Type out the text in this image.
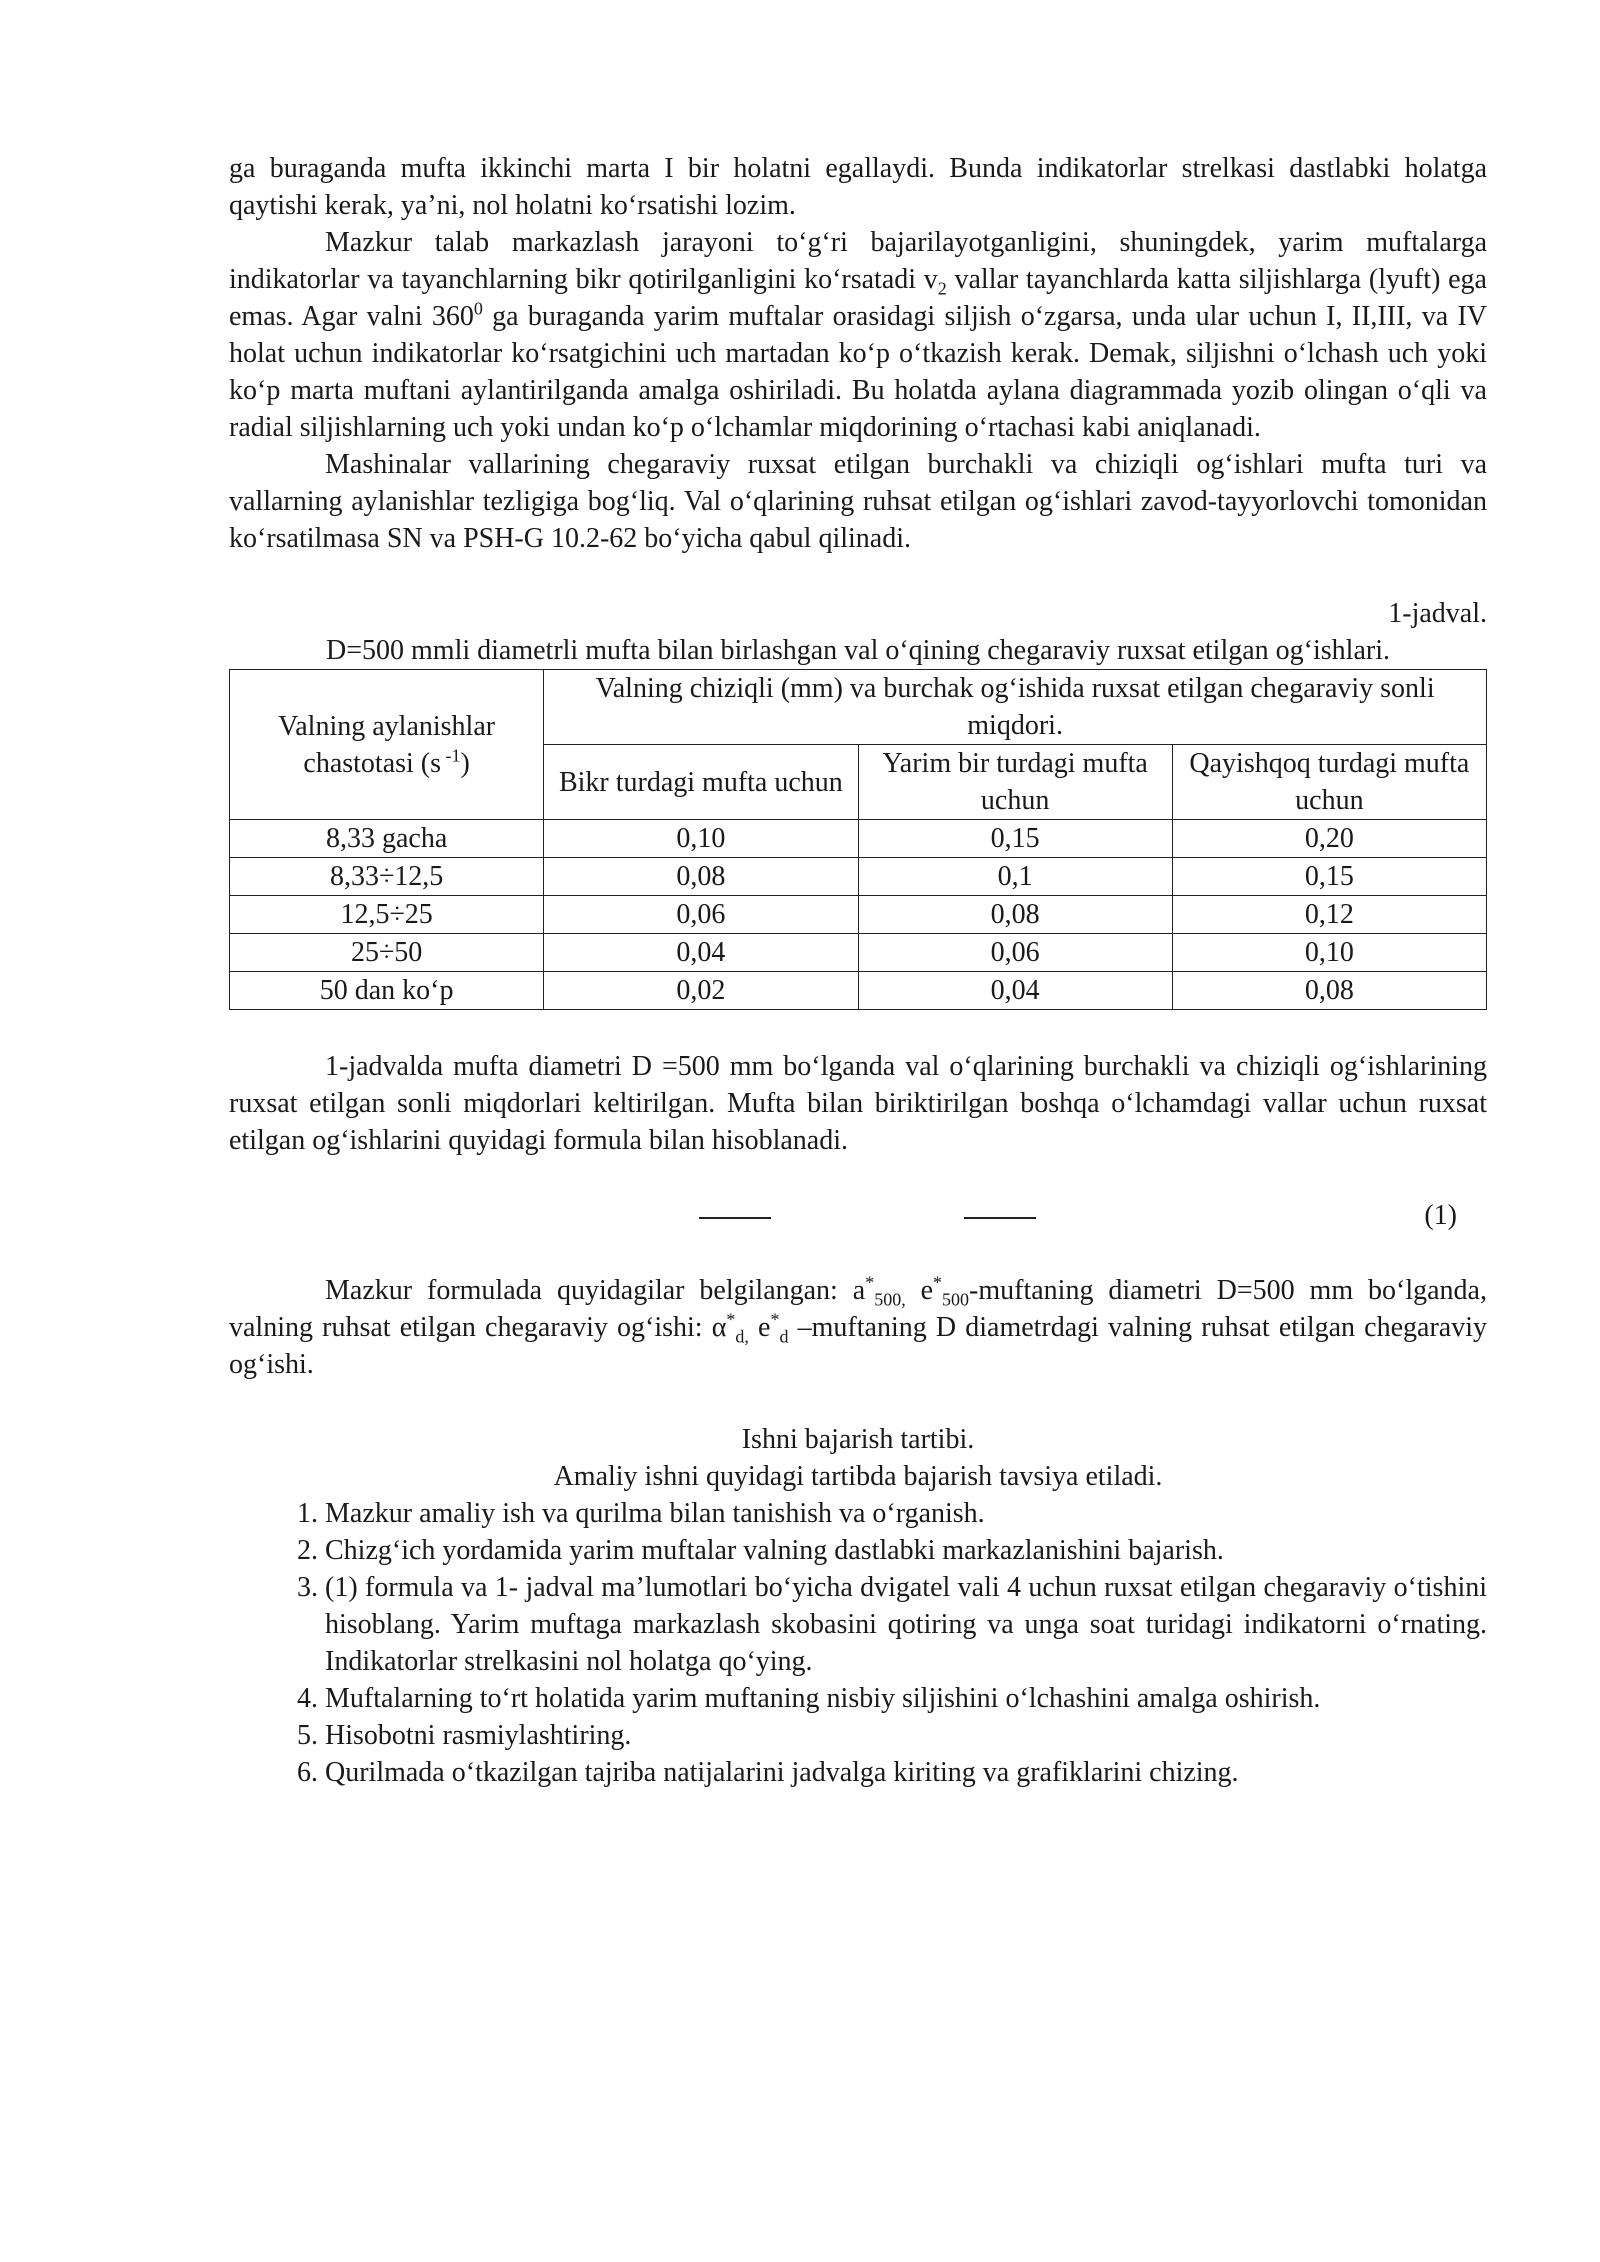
ga buraganda mufta ikkinchi marta I bir holatni egallaydi. Bunda indikatorlar strelkasi dastlabki holatga qaytishi kerak, ya’ni, nol holatni ko‘rsatishi lozim.

Mazkur talab markazlash jarayoni to‘g‘ri bajarilayotganligini, shuningdek, yarim muftalarga indikatorlar va tayanchlarning bikr qotirilganligini ko‘rsatadi $v_2$ vallar tayanchlarda katta siljishlarga (lyuft) ega emas. Agar valni $360^0$ ga buraganda yarim muftalar orasidagi siljish o‘zgarsa, unda ular uchun I, II,III, va IV holat uchun indikatorlar ko‘rsatgichini uch martadan ko‘p o‘tkazish kerak. Demak, siljishni o‘lchash uch yoki ko‘p marta muftani aylantirilganda amalga oshiriladi. Bu holatda aylana diagrammada yozib olingan o‘qli va radial siljishlarning uch yoki undan ko‘p o‘lchamlar miqdorining o‘rtachasi kabi aniqlanadi.

Mashinalar vallarining chegaraviy ruxsat etilgan burchakli va chiziqli og‘ishlari mufta turi va vallarning aylanishlar tezligiga bog‘liq. Val o‘qlarining ruhsat etilgan og‘ishlari zavod-tayyorlovchi tomonidan ko‘rsatilmasa SN va PSH-G 10.2-62 bo‘yicha qabul qilinadi.

1-jadval.

D=500 mmli diametrli mufta bilan birlashgan val o‘qining chegaraviy ruxsat etilgan og‘ishlari.

Valning aylanishlar chastotasi (s $^{-1}$)	Valning chiziqli (mm) va burchak og‘ishida ruxsat etilgan chegaraviy sonli miqdori.		
	Bikr turdagi mufta uchun	Yarim bir turdagi mufta uchun	Qayishqoq turdagi mufta uchun
8,33 gacha	0,10	0,15	0,20
8,33÷12,5	0,08	0,1	0,15
12,5÷25	0,06	0,08	0,12
25÷50	0,04	0,06	0,10
50 dan ko‘p	0,02	0,04	0,08

1-jadvalda mufta diametri D =500 mm bo‘lganda val o‘qlarining burchakli va chiziqli og‘ishlarining ruxsat etilgan sonli miqdorlari keltirilgan. Mufta bilan biriktirilgan boshqa o‘lchamdagi vallar uchun ruxsat etilgan og‘ishlarini quyidagi formula bilan hisoblanadi.

(1)

Mazkur formulada quyidagilar belgilangan: $a^*_{500,}$ $e^*_{500}$-muftaning diametri D=500 mm bo‘lganda, valning ruhsat etilgan chegaraviy og‘ishi: $\alpha^*_{d,}$ $e^*_d$ –muftaning D diametrdagi valning ruhsat etilgan chegaraviy og‘ishi.

Ishni bajarish tartibi.

Amaliy ishni quyidagi tartibda bajarish tavsiya etiladi.

1. Mazkur amaliy ish va qurilma bilan tanishish va o‘rganish.
2. Chizg‘ich yordamida yarim muftalar valning dastlabki markazlanishini bajarish.
3. (1) formula va 1- jadval ma’lumotlari bo‘yicha dvigatel vali 4 uchun ruxsat etilgan chegaraviy o‘tishini hisoblang. Yarim muftaga markazlash skobasini qotiring va unga soat turidagi indikatorni o‘rnating. Indikatorlar strelkasini nol holatga qo‘ying.
4. Muftalarning to‘rt holatida yarim muftaning nisbiy siljishini o‘lchashini amalga oshirish.
5. Hisobotni rasmiylashtiring.
6. Qurilmada o‘tkazilgan tajriba natijalarini jadvalga kiriting va grafiklarini chizing.
